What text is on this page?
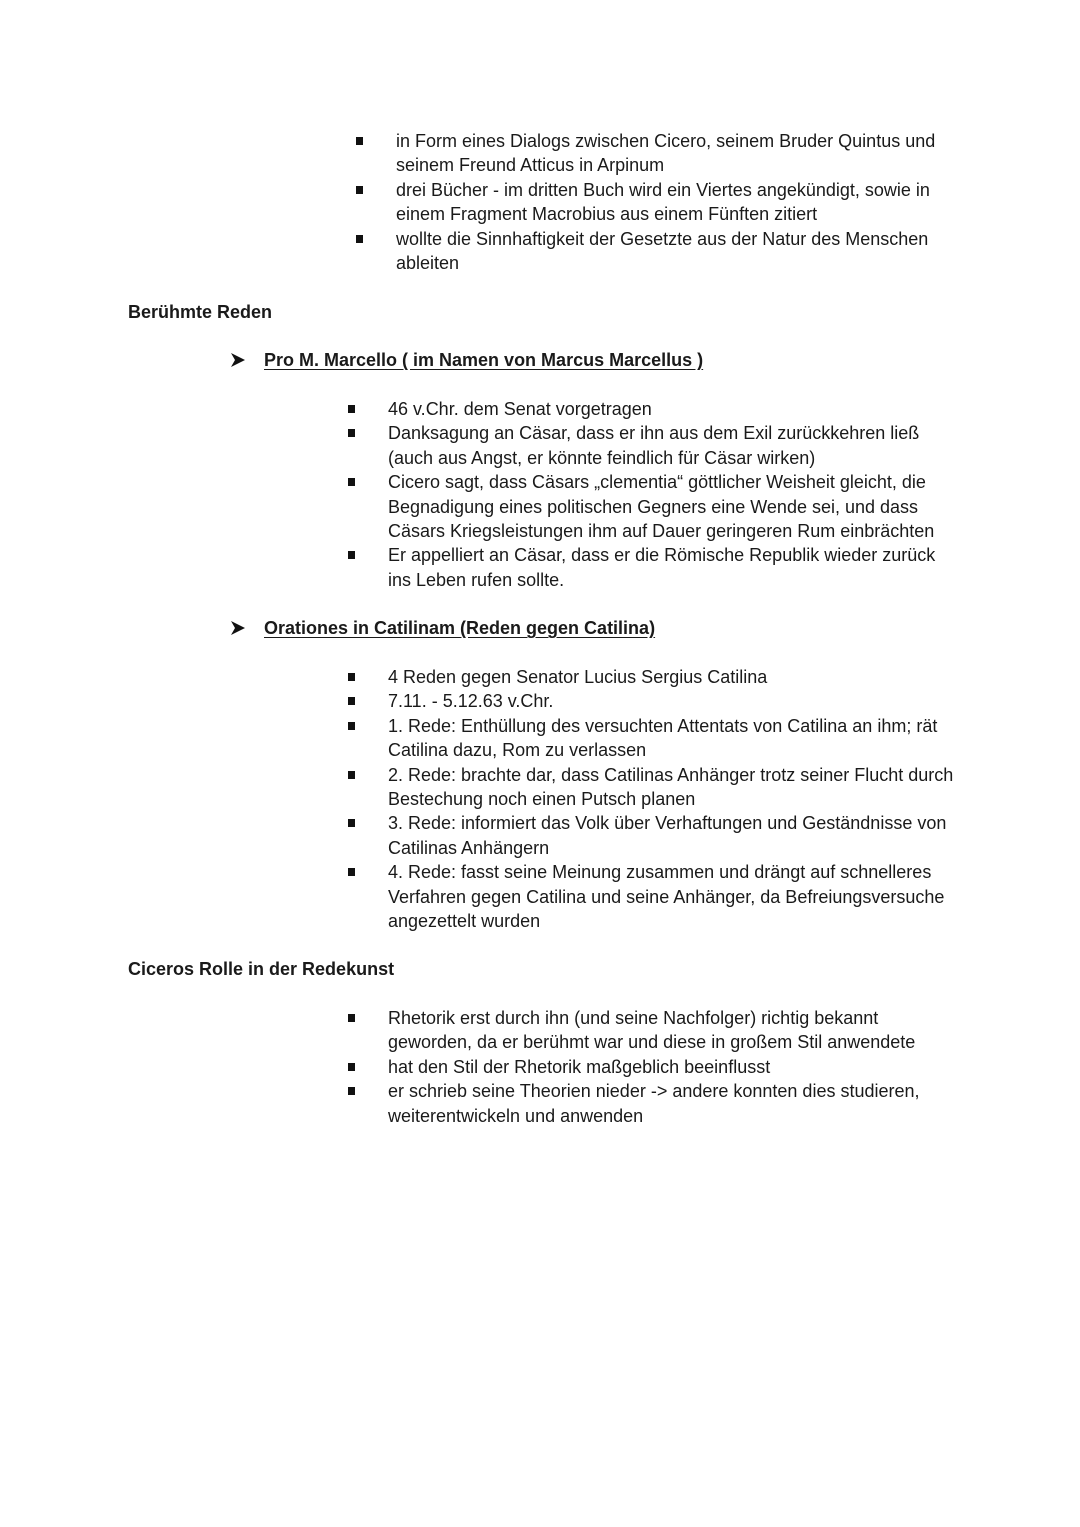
in Form eines Dialogs zwischen Cicero, seinem Bruder Quintus und seinem Freund Atticus in Arpinum
drei Bücher - im dritten Buch wird ein Viertes angekündigt, sowie in einem Fragment Macrobius aus einem Fünften zitiert
wollte die Sinnhaftigkeit der Gesetzte aus der Natur des Menschen ableiten
Berühmte Reden
Pro M. Marcello ( im Namen von Marcus Marcellus )
46 v.Chr. dem Senat vorgetragen
Danksagung an Cäsar, dass er ihn aus dem Exil zurückkehren ließ (auch aus Angst, er könnte feindlich für Cäsar wirken)
Cicero sagt, dass Cäsars „clementia“ göttlicher Weisheit gleicht, die Begnadigung eines politischen Gegners eine Wende sei, und dass Cäsars Kriegsleistungen ihm auf Dauer geringeren Rum einbrächten
Er appelliert an Cäsar, dass er die Römische Republik wieder zurück ins Leben rufen sollte.
Orationes in Catilinam (Reden gegen Catilina)
4 Reden gegen Senator Lucius Sergius Catilina
7.11. - 5.12.63 v.Chr.
1. Rede: Enthüllung des versuchten Attentats von Catilina an ihm; rät Catilina dazu, Rom zu verlassen
2. Rede: brachte dar, dass Catilinas Anhänger trotz seiner Flucht durch Bestechung noch einen Putsch planen
3. Rede: informiert das Volk über Verhaftungen und Geständnisse von Catilinas Anhängern
4. Rede: fasst seine Meinung zusammen und drängt auf schnelleres Verfahren gegen Catilina und seine Anhänger, da Befreiungsversuche angezettelt wurden
Ciceros Rolle in der Redekunst
Rhetorik erst durch ihn (und seine Nachfolger) richtig bekannt geworden, da er berühmt war und diese in großem Stil anwendete
hat den Stil der Rhetorik maßgeblich beeinflusst
er schrieb seine Theorien nieder -> andere konnten dies studieren, weiterentwickeln und anwenden
